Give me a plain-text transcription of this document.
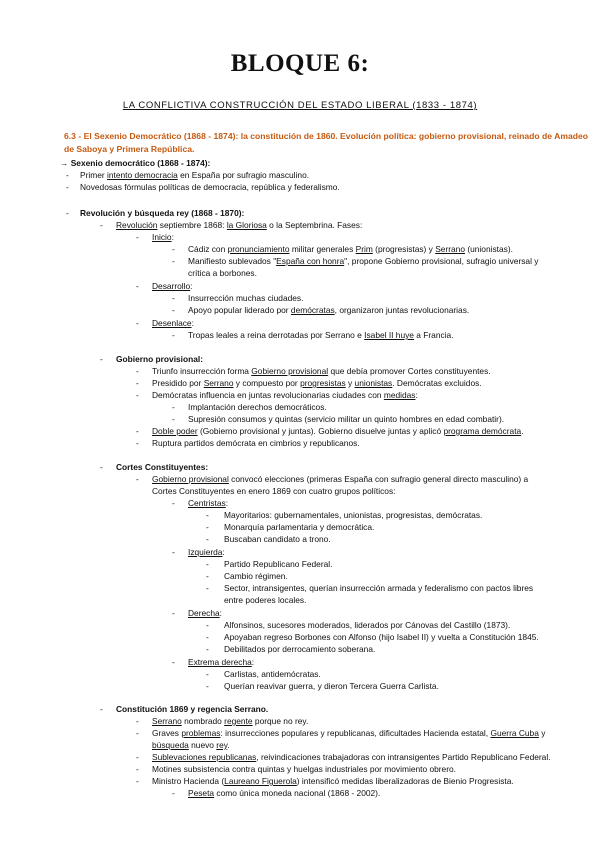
BLOQUE 6:
LA CONFLICTIVA CONSTRUCCIÓN DEL ESTADO LIBERAL (1833 - 1874)
6.3 - El Sexenio Democrático (1868 - 1874): la constitución de 1860. Evolución política: gobierno provisional, reinado de Amadeo de Saboya y Primera República.
→ Sexenio democrático (1868 - 1874):
- Primer intento democracia en España por sufragio masculino.
- Novedosas fórmulas políticas de democracia, república y federalismo.
- Revolución y búsqueda rey (1868 - 1870):
- Revolución septiembre 1868: la Gloriosa o la Septembrina. Fases:
- Inicio:
- Cádiz con pronunciamiento militar generales Prim (progresistas) y Serrano (unionistas).
- Manifiesto sublevados "España con honra", propone Gobierno provisional, sufragio universal y
crítica a borbones.
- Desarrollo:
- Insurrección muchas ciudades.
- Apoyo popular liderado por demócratas, organizaron juntas revolucionarias.
- Desenlace:
- Tropas leales a reina derrotadas por Serrano e Isabel II huye a Francia.
- Gobierno provisional:
- Triunfo insurrección forma Gobierno provisional que debía promover Cortes constituyentes.
- Presidido por Serrano y compuesto por progresistas y unionistas. Demócratas excluidos.
- Demócratas influencia en juntas revolucionarias ciudades con medidas:
- Implantación derechos democráticos.
- Supresión consumos y quintas (servicio militar un quinto hombres en edad combatir).
- Doble poder (Gobierno provisional y juntas). Gobierno disuelve juntas y aplicó programa demócrata.
- Ruptura partidos demócrata en cimbrios y republicanos.
- Cortes Constituyentes:
- Gobierno provisional convocó elecciones (primeras España con sufragio general directo masculino) a
Cortes Constituyentes en enero 1869 con cuatro grupos políticos:
- Centristas:
- Mayoritarios: gubernamentales, unionistas, progresistas, demócratas.
- Monarquía parlamentaria y democrática.
- Buscaban candidato a trono.
- Izquierda:
- Partido Republicano Federal.
- Cambio régimen.
- Sector, intransigentes, querían insurrección armada y federalismo con pactos libres
entre poderes locales.
- Derecha:
- Alfonsinos, sucesores moderados, liderados por Cánovas del Castillo (1873).
- Apoyaban regreso Borbones con Alfonso (hijo Isabel II) y vuelta a Constitución 1845.
- Debilitados por derrocamiento soberana.
- Extrema derecha:
- Carlistas, antidemócratas.
- Querían reavivar guerra, y dieron Tercera Guerra Carlista.
- Constitución 1869 y regencia Serrano.
- Serrano nombrado regente porque no rey.
- Graves problemas: insurrecciones populares y republicanas, dificultades Hacienda estatal, Guerra Cuba y
búsqueda nuevo rey.
- Sublevaciones republicanas, reivindicaciones trabajadoras con intransigentes Partido Republicano Federal.
- Motines subsistencia contra quintas y huelgas industriales por movimiento obrero.
- Ministro Hacienda (Laureano Figuerola) intensificó medidas liberalizadoras de Bienio Progresista.
- Peseta como única moneda nacional (1868 - 2002).
